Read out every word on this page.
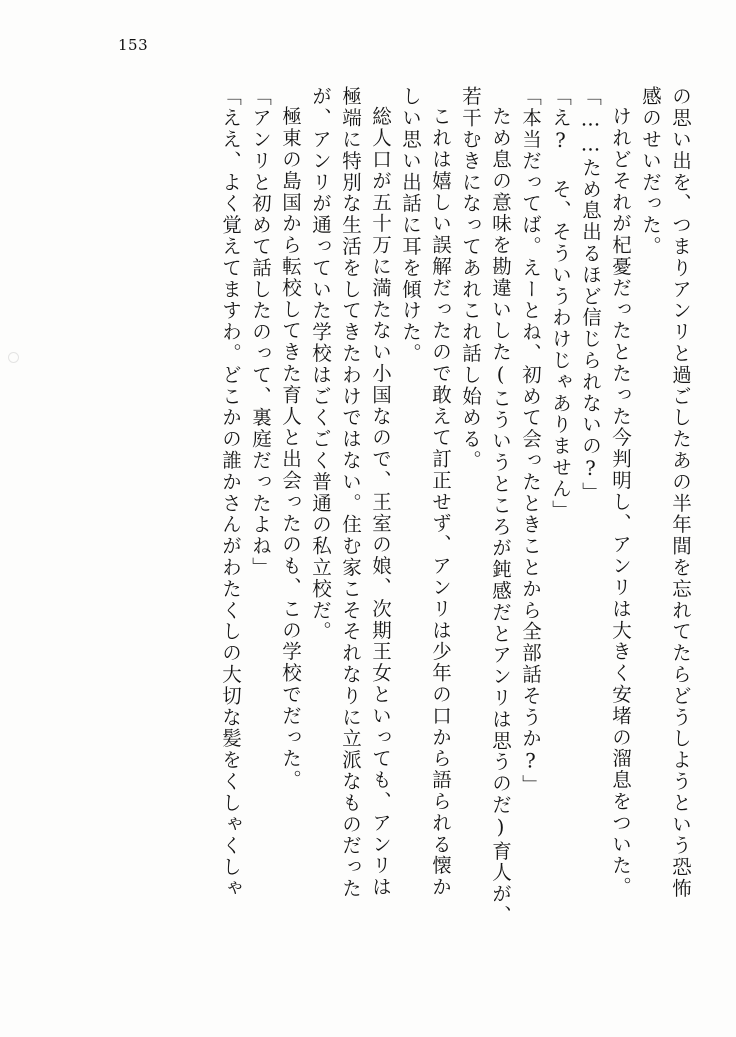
153
「ええ、よく覚えてますわ。どこかの誰かさんがわたくしの大切な髪をくしゃくしゃ 「アンリと初めて話したのって、裏庭だったよね」 極東の島国から転校してきた育人と出会ったのも、この学校でだった。 が、アンリが通っていた学校はごくごく普通の私立校だ。 極端に特別な生活をしてきたわけではない。住む家こそそれなりに立派なものだった 総人口が五十万に満たない小国なので、王室の娘、次期王女といっても、アンリは しい思い出話に耳を傾けた。 これは嬉しい誤解だったので敢えて訂正せず、アンリは少年の口から語られる懐か 若干むきになってあれこれ話し始める。 ため息の意味を勘違いした(こういうところが鈍感だとアンリは思うのだ)育人が、 「本当だってば。えーとね、初めて会ったときことから全部話そうか?」 「え? そ、そういうわけじゃありません」 「……ため息出るほど信じられないの?」 けれどそれが杞憂だったとたった今判明し、アンリは大きく安堵の溜息をついた。 感のせいだった。 の思い出を、つまりアンリと過ごしたあの半年間を忘れてたらどうしようという恐怖
